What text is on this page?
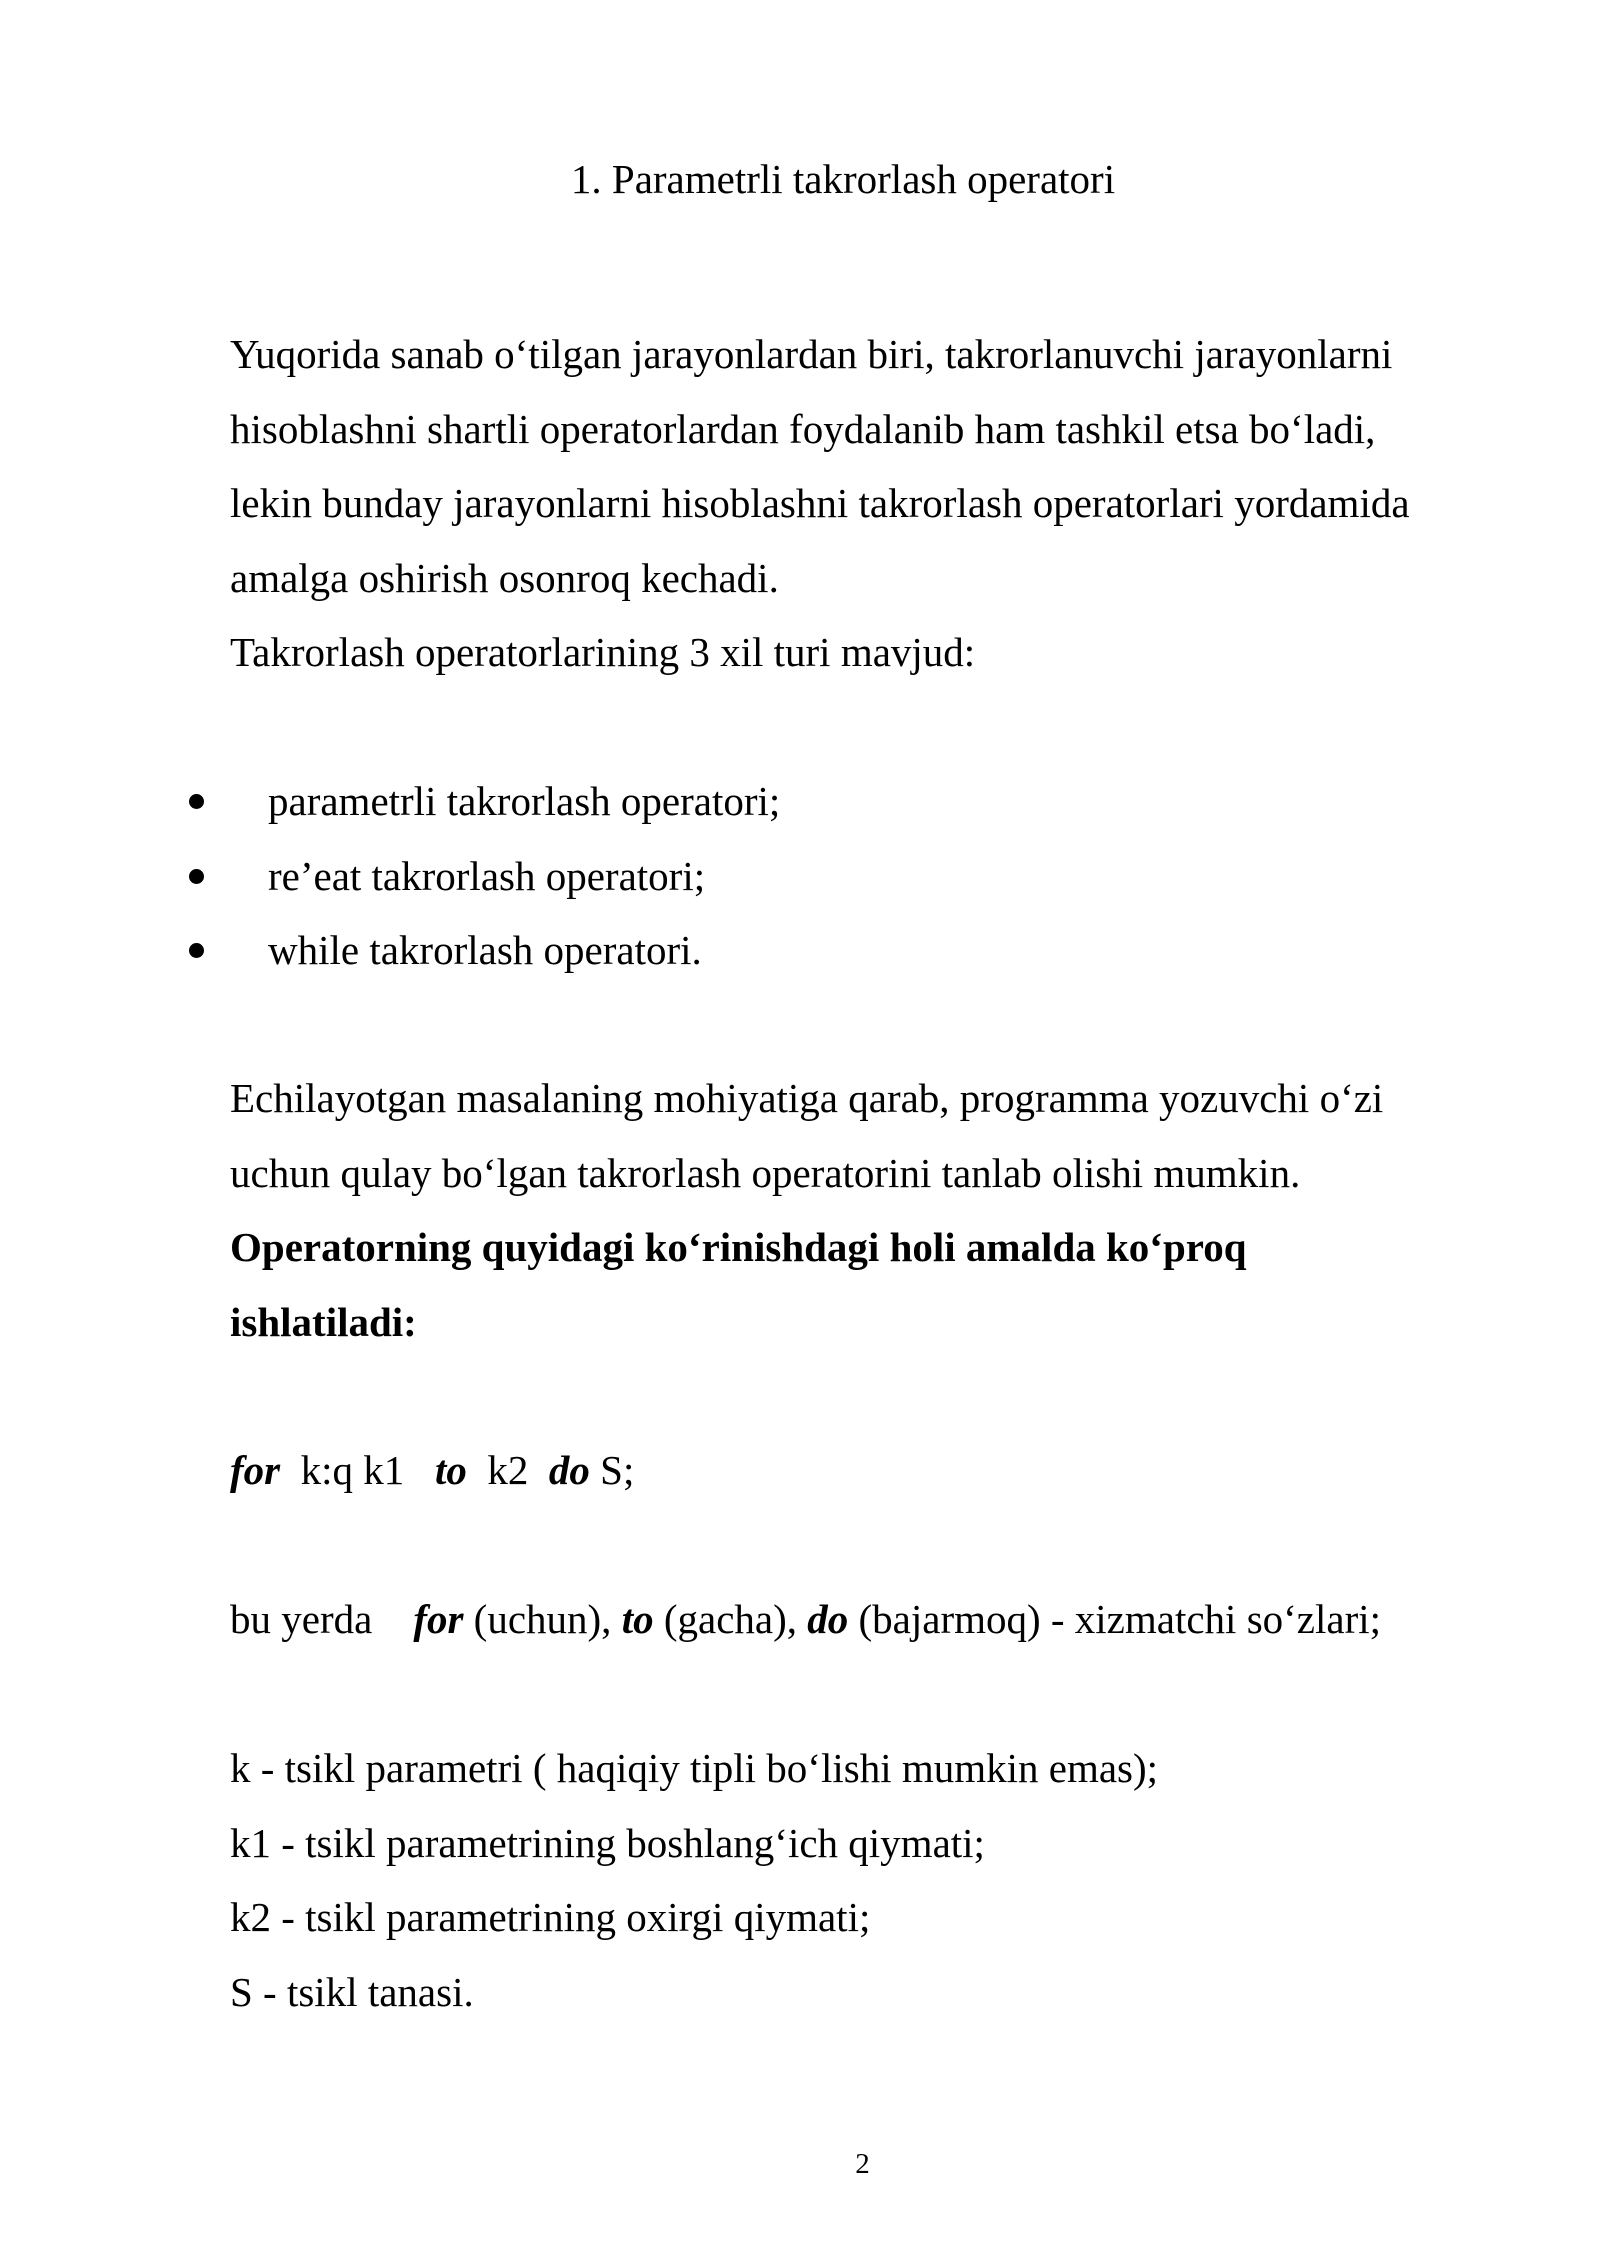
1. Parametrli takrorlash operatori
Yuqorida sanab o‘tilgan jarayonlardan biri, takrorlanuvchi jarayonlarni
hisoblashni shartli operatorlardan foydalanib ham tashkil etsa bo‘ladi,
lekin bunday jarayonlarni hisoblashni takrorlash operatorlari yordamida
amalga oshirish osonroq kechadi.
Takrorlash operatorlarining 3 xil turi mavjud:
parametrli takrorlash operatori;
re’eat takrorlash operatori;
while takrorlash operatori.
Echilayotgan masalaning mohiyatiga qarab, programma yozuvchi o‘zi
uchun qulay bo‘lgan takrorlash operatorini tanlab olishi mumkin.
Operatorning quyidagi ko‘rinishdagi holi amalda ko‘proq
ishlatiladi:
for  k:q k1   to  k2  do S;
bu yerda    for (uchun), to (gacha), do (bajarmoq) - xizmatchi so‘zlari;
k - tsikl parametri ( haqiqiy tipli bo‘lishi mumkin emas);
k1 - tsikl parametrining boshlang‘ich qiymati;
k2 - tsikl parametrining oxirgi qiymati;
S - tsikl tanasi.
2
